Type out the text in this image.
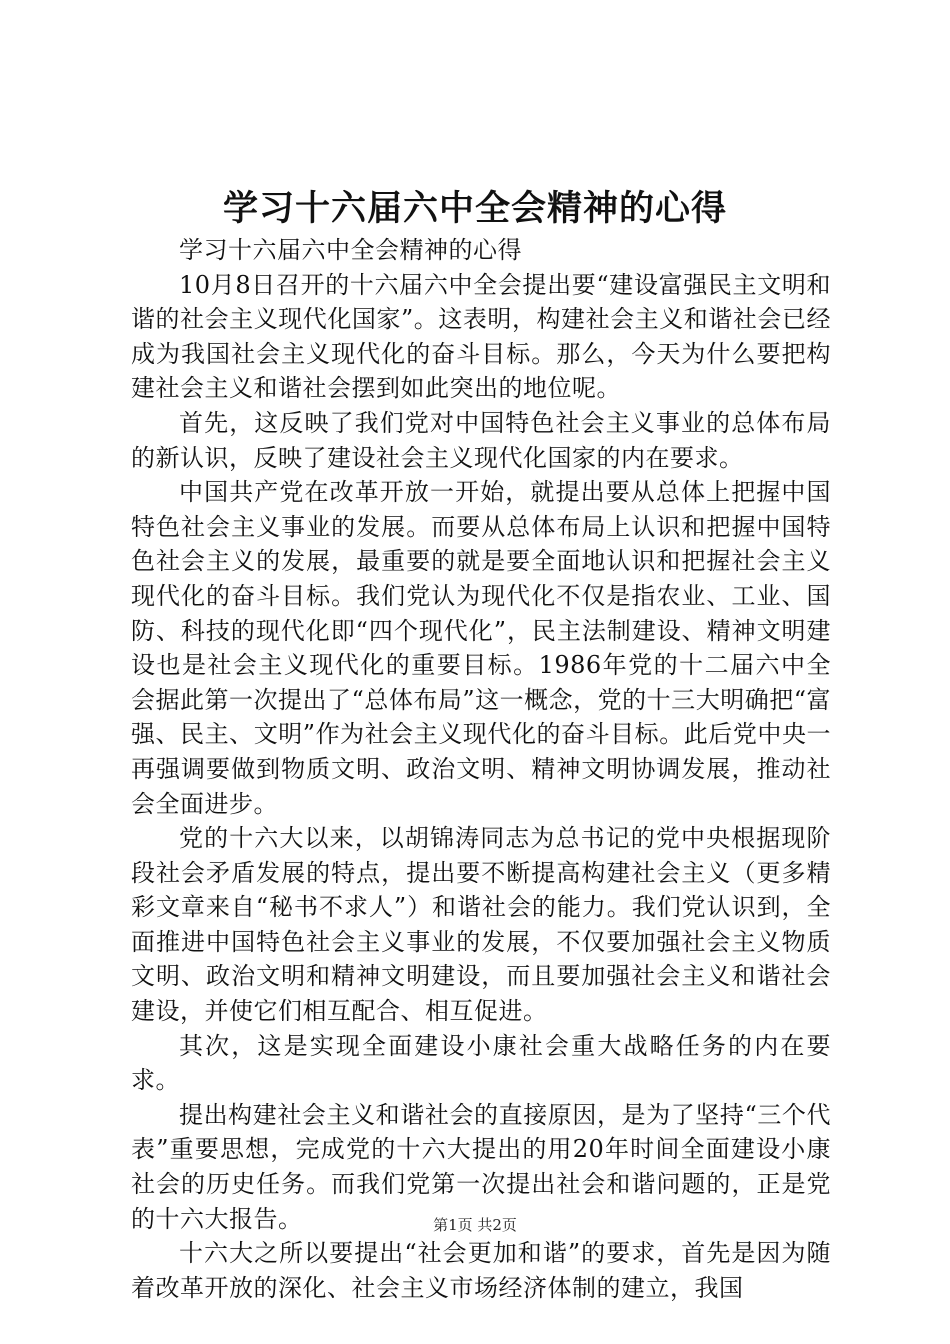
学习十六届六中全会精神的心得

学习十六届六中全会精神的心得

10月8日召开的十六届六中全会提出要“建设富强民主文明和谐的社会主义现代化国家”。这表明，构建社会主义和谐社会已经成为我国社会主义现代化的奋斗目标。那么，今天为什么要把构建社会主义和谐社会摆到如此突出的地位呢。

首先，这反映了我们党对中国特色社会主义事业的总体布局的新认识，反映了建设社会主义现代化国家的内在要求。

中国共产党在改革开放一开始，就提出要从总体上把握中国特色社会主义事业的发展。而要从总体布局上认识和把握中国特色社会主义的发展，最重要的就是要全面地认识和把握社会主义现代化的奋斗目标。我们党认为现代化不仅是指农业、工业、国防、科技的现代化即“四个现代化”，民主法制建设、精神文明建设也是社会主义现代化的重要目标。1986年党的十二届六中全会据此第一次提出了“总体布局”这一概念，党的十三大明确把“富强、民主、文明”作为社会主义现代化的奋斗目标。此后党中央一再强调要做到物质文明、政治文明、精神文明协调发展，推动社会全面进步。

党的十六大以来，以胡锦涛同志为总书记的党中央根据现阶段社会矛盾发展的特点，提出要不断提高构建社会主义（更多精彩文章来自“秘书不求人”）和谐社会的能力。我们党认识到，全面推进中国特色社会主义事业的发展，不仅要加强社会主义物质文明、政治文明和精神文明建设，而且要加强社会主义和谐社会建设，并使它们相互配合、相互促进。

其次，这是实现全面建设小康社会重大战略任务的内在要求。

提出构建社会主义和谐社会的直接原因，是为了坚持“三个代表”重要思想，完成党的十六大提出的用20年时间全面建设小康社会的历史任务。而我们党第一次提出社会和谐问题的，正是党的十六大报告。

十六大之所以要提出“社会更加和谐”的要求，首先是因为随着改革开放的深化、社会主义市场经济体制的建立，我国

第1页 共2页
